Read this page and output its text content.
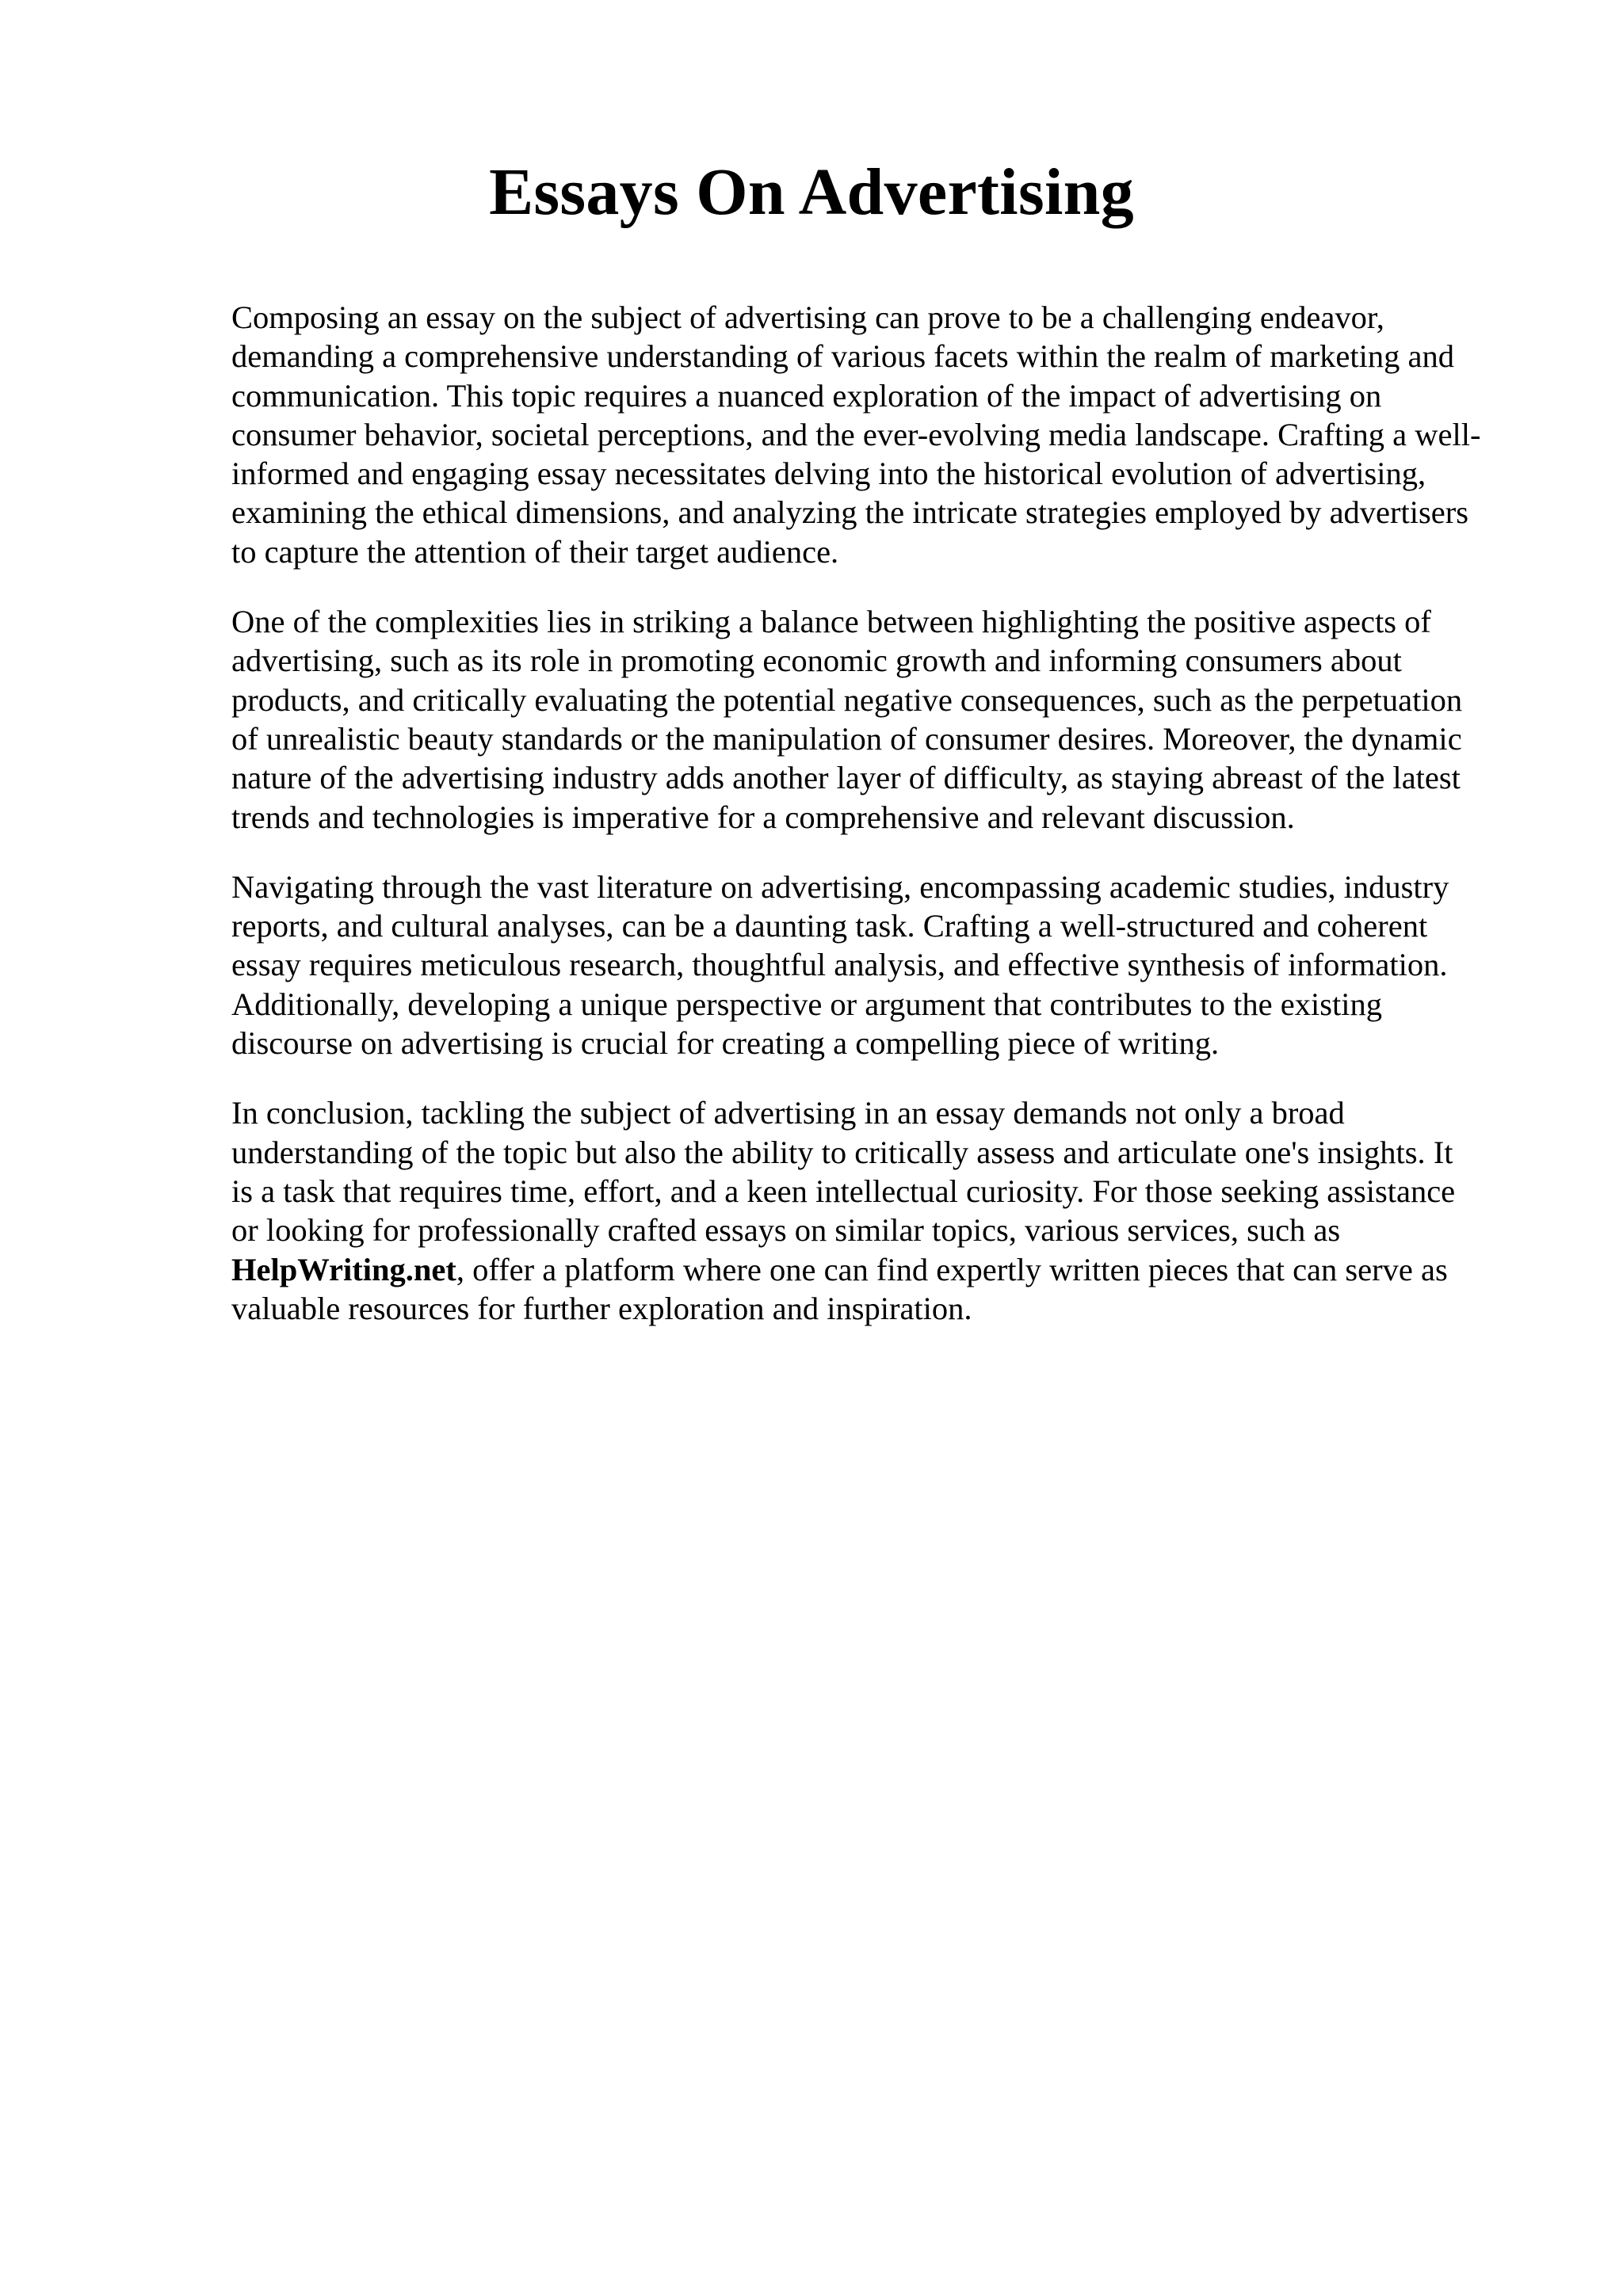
Essays On Advertising

Composing an essay on the subject of advertising can prove to be a challenging endeavor,
demanding a comprehensive understanding of various facets within the realm of marketing and
communication. This topic requires a nuanced exploration of the impact of advertising on
consumer behavior, societal perceptions, and the ever-evolving media landscape. Crafting a well-
informed and engaging essay necessitates delving into the historical evolution of advertising,
examining the ethical dimensions, and analyzing the intricate strategies employed by advertisers
to capture the attention of their target audience.

One of the complexities lies in striking a balance between highlighting the positive aspects of
advertising, such as its role in promoting economic growth and informing consumers about
products, and critically evaluating the potential negative consequences, such as the perpetuation
of unrealistic beauty standards or the manipulation of consumer desires. Moreover, the dynamic
nature of the advertising industry adds another layer of difficulty, as staying abreast of the latest
trends and technologies is imperative for a comprehensive and relevant discussion.

Navigating through the vast literature on advertising, encompassing academic studies, industry
reports, and cultural analyses, can be a daunting task. Crafting a well-structured and coherent
essay requires meticulous research, thoughtful analysis, and effective synthesis of information.
Additionally, developing a unique perspective or argument that contributes to the existing
discourse on advertising is crucial for creating a compelling piece of writing.

In conclusion, tackling the subject of advertising in an essay demands not only a broad
understanding of the topic but also the ability to critically assess and articulate one's insights. It
is a task that requires time, effort, and a keen intellectual curiosity. For those seeking assistance
or looking for professionally crafted essays on similar topics, various services, such as
HelpWriting.net, offer a platform where one can find expertly written pieces that can serve as
valuable resources for further exploration and inspiration.
